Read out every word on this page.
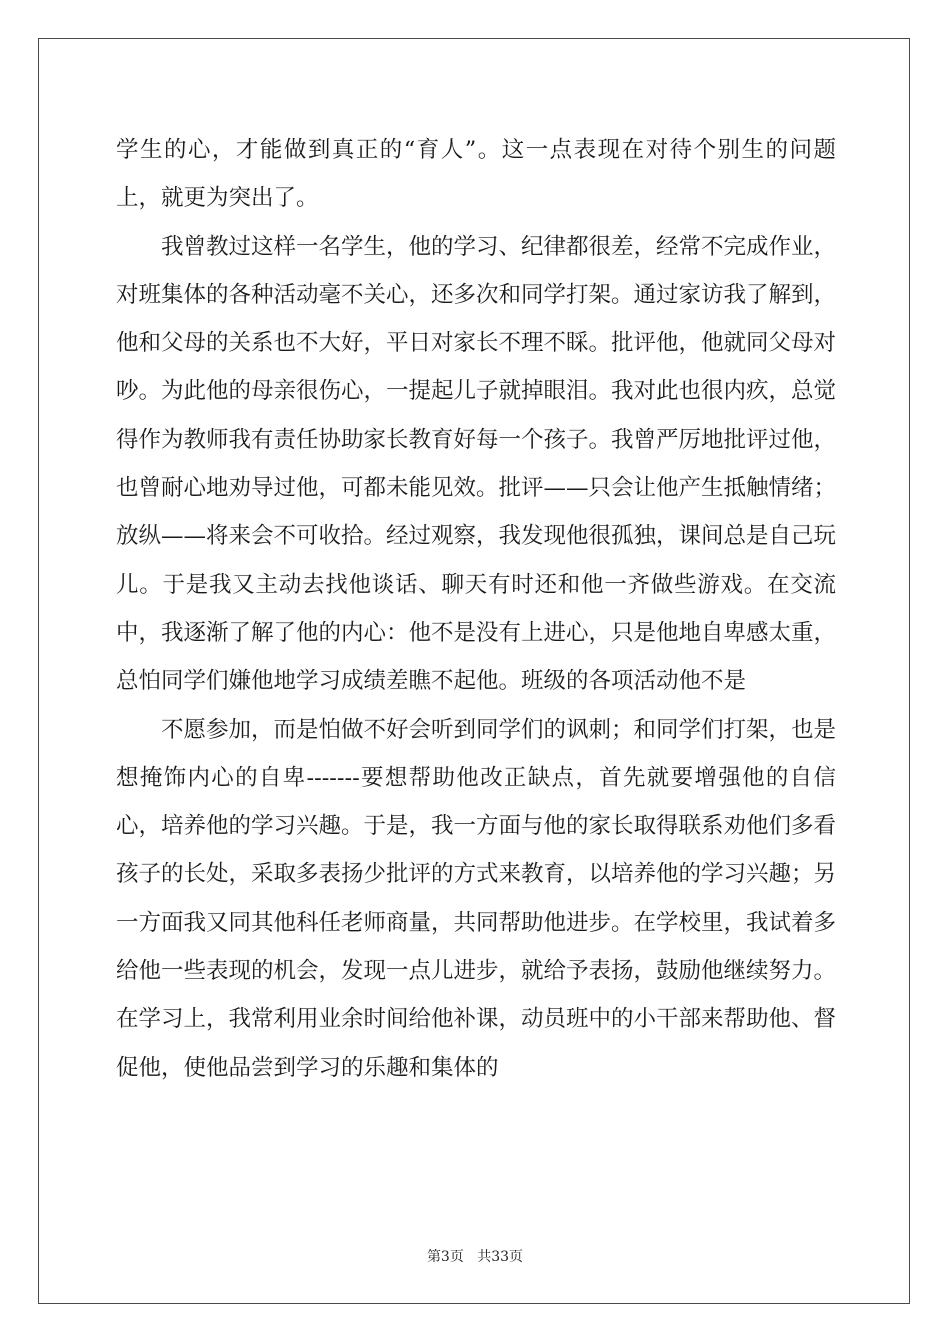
学生的心，才能做到真正的“育人”。这一点表现在对待个别生的问题上，就更为突出了。

我曾教过这样一名学生，他的学习、纪律都很差，经常不完成作业，对班集体的各种活动毫不关心，还多次和同学打架。通过家访我了解到，他和父母的关系也不大好，平日对家长不理不睬。批评他，他就同父母对吵。为此他的母亲很伤心，一提起儿子就掉眼泪。我对此也很内疚，总觉得作为教师我有责任协助家长教育好每一个孩子。我曾严厉地批评过他，也曾耐心地劝导过他，可都未能见效。批评——只会让他产生抵触情绪；放纵——将来会不可收拾。经过观察，我发现他很孤独，课间总是自己玩儿。于是我又主动去找他谈话、聊天有时还和他一齐做些游戏。在交流中，我逐渐了解了他的内心：他不是没有上进心，只是他地自卑感太重，总怕同学们嫌他地学习成绩差瞧不起他。班级的各项活动他不是

不愿参加，而是怕做不好会听到同学们的讽刺；和同学们打架，也是想掩饰内心的自卑-------要想帮助他改正缺点，首先就要增强他的自信心，培养他的学习兴趣。于是，我一方面与他的家长取得联系劝他们多看孩子的长处，采取多表扬少批评的方式来教育，以培养他的学习兴趣；另一方面我又同其他科任老师商量，共同帮助他进步。在学校里，我试着多给他一些表现的机会，发现一点儿进步，就给予表扬，鼓励他继续努力。在学习上，我常利用业余时间给他补课，动员班中的小干部来帮助他、督促他，使他品尝到学习的乐趣和集体的

第3页 共33页
